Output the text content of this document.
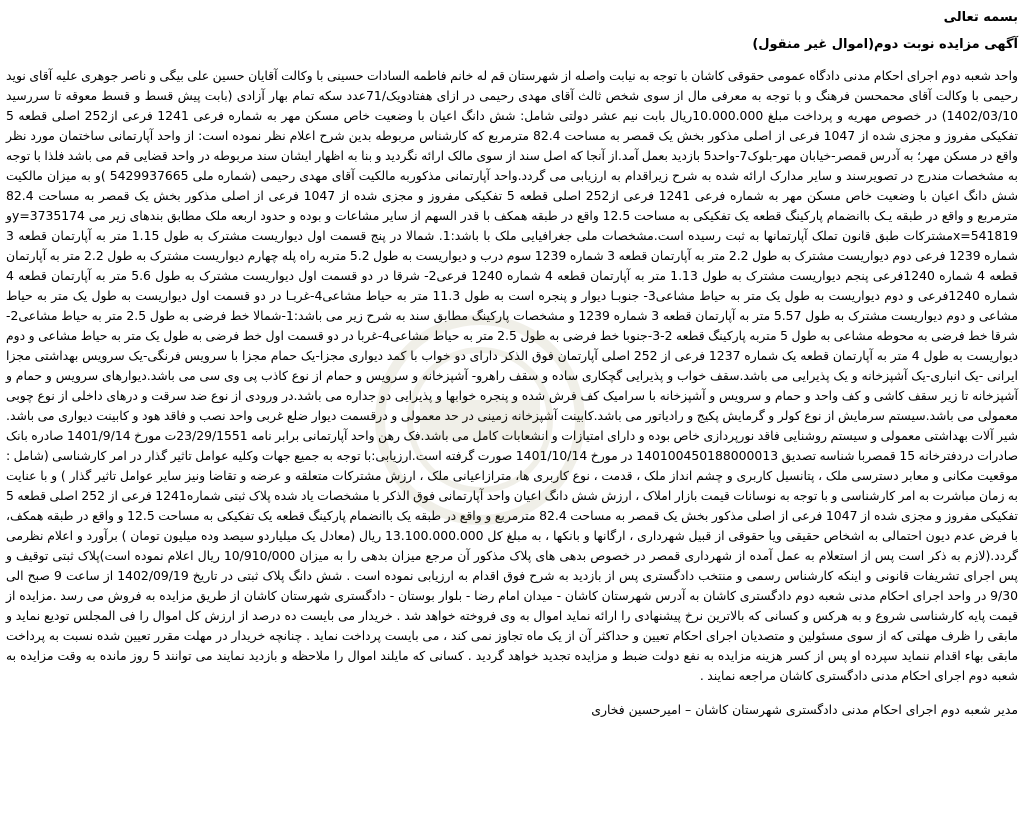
بسمه تعالی
آگهی مزایده نوبت دوم(اموال غیر منقول)

واحد شعبه دوم اجرای احکام مدنی دادگاه عمومی حقوقی کاشان با توجه به نیابت واصله از شهرستان قم له خانم فاطمه السادات حسینی با وکالت آقایان حسین علی بیگی و ناصر جوهری علیه آقای نوید رحیمی با وکالت آقای محمحسن فرهنگ و با توجه به معرفی مال از سوی شخص ثالث آقای مهدی رحیمی در ازای هفتادویک/71عدد سکه تمام بهار آزادی (بابت پیش قسط و قسط معوقه تا سررسید 1402/03/10) در خصوص مهریه و پرداخت مبلغ 10.000.000ریال بابت نیم عشر دولتی شامل: شش دانگ اعیان با وضعیت خاص مسکن مهر به شماره فرعی 1241 فرعی از252 اصلی قطعه 5 تفکیکی مفروز و مجزی شده از 1047 فرعی از اصلی مذکور بخش یک قمصر به مساحت 82.4 مترمربع که کارشناس مربوطه بدین شرح اعلام نظر نموده است: از واحد آپارتمانی ساختمان مورد نظر واقع در مسکن مهر؛ به آدرس قمصر-خیابان مهر-بلوک7-واحد5 بازدید بعمل آمد.از آنجا که اصل سند از سوی مالک ارائه نگردید و بنا به اظهار ایشان سند مربوطه در واحد قضایی قم می باشد فلذا با توجه به مشخصات مندرج در تصویرسند و سایر مدارک ارائه شده به شرح زیراقدام به ارزیابی می گردد.واحد آپارتمانی مذکوربه مالکیت آقای مهدی رحیمی (شماره ملی 5429937665 )و به میزان مالکیت شش دانگ اعیان با وضعیت خاص مسکن مهر به شماره فرعی 1241 فرعی از252 اصلی قطعه 5 تفکیکی مفروز و مجزی شده از 1047 فرعی از اصلی مذکور بخش یک قمصر به مساحت 82.4 مترمربع و واقع در طبقه یـک باانضمام پارکینگ قطعه یک تفکیکی به مساحت 12.5 واقع در طبقه همکف با قدر السهم از سایر مشاعات و بوده و حدود اربعه ملک مطابق بندهای زیر می 3735174=yو 541819=xمشترکات طبق قانون تملک آپارتمانها به ثبت رسیده است.مشخصات ملی جغرافیایی ملک با باشد:1. شمالا در پنج قسمت اول دیواریست مشترک به طول 1.15 متر به آپارتمان قطعه 3 شماره 1239 فرعی دوم دیواریست مشترک به طول 2.2 متر به آپارتمان قطعه 3 شماره 1239 سوم درب و دیواریست به طول 5.2 متربه راه پله چهارم دیواریست مشترک به طول 2.2 متر به آپارتمان قطعه 4 شماره 1240فرعی پنجم دیواریست مشترک به طول 1.13 متر به آپارتمان قطعه 4 شماره 1240 فرعی2- شرقا در دو قسمت اول دیواریست مشترک به طول 5.6 متر به آپارتمان قطعه 4 شماره 1240فرعی و دوم دیواریست به طول یک متر به حیاط مشاعی3- جنوبـا دیوار و پنجره است به طول 11.3 متر به حیاط مشاعی4-غربـا در دو قسمت اول دیواریست به طول یک متر به حیاط مشاعی و دوم دیواریست مشترک به طول 5.57 متر به آپارتمان قطعه 3 شماره 1239 و مشخصات پارکینگ مطابق سند به شرح زیر می باشد:1-شمالا خط فرضی به طول 2.5 متر به حیاط مشاعی2-شرقا خط فرضی به محوطه مشاعی به طول 5 متربه پارکینگ قطعه 2-3-جنوبا خط فرضی به طول 2.5 متر به حیاط مشاعی4-غربا در دو قسمت اول خط فرضی به طول یک متر به حیاط مشاعی و دوم دیواریست به طول 4 متر به آپارتمان قطعه یک شماره 1237 فرعی از 252 اصلی آپارتمان فوق الذکر دارای دو خواب با کمد دیواری مجزا-یک حمام مجزا با سرویس فرنگی-یک سرویس بهداشتی مجزا ایرانی -یک انباری-یک آشپزخانه و یک پذیرایی می باشد.سقف خواب و پذیرایی گچکاری ساده و سقف راهرو- آشپزخانه و سرویس و حمام از نوع کاذب پی وی سی می باشد.دیوارهای سرویس و حمام و آشپزخانه تا زیر سقف کاشی و کف واحد و حمام و سرویس و آشپزخانه با سرامیک کف فرش شده و پنجره خوابها و پذیرایی دو جداره می باشد.در ورودی از نوع ضد سرقت و درهای داخلی از نوع چوبی معمولی می باشد.سیستم سرمایش از نوع کولر و گرمایش پکیج و رادیاتور می باشد.کابینت آشپزخانه زمینی در حد معمولی و درقسمت دیوار ضلع غربی واحد نصب و فاقد هود و کابینت دیواری می باشد. شیر آلات بهداشتی معمولی و سیستم روشنایی فاقد نورپردازی خاص بوده و دارای امتیازات و انشعابات کامل می باشد.فک رهن واحد آپارتمانی برابر نامه 23/29/1551ت مورخ 1401/9/14 صادره بانک صادرات دردفترخانه 15 قمصربا شناسه تصدیق 140100450188000013 در مورخ 1401/10/14 صورت گرفته است.ارزیابی:با توجه به جمیع جهات وکلیه عوامل تاثیر گذار در امر کارشناسی (شامل : موقعیت مکانی و معابر دسترسی ملک ، پتانسیل کاربری و چشم انداز ملک ، قدمت ، نوع کاربری ها، مترازاعیانی ملک ، ارزش مشترکات متعلقه و عرضه و تقاضا ونیز سایر عوامل تاثیر گذار ) و با عنایت به زمان مباشرت به امر کارشناسی و با توجه به نوسانات قیمت بازار املاک ، ارزش شش دانگ اعیان واحد آپارتمانی فوق الذکر با مشخصات یاد شده پلاک ثبتی شماره1241 فرعی از 252 اصلی قطعه 5 تفکیکی مفروز و مجزی شده از 1047 فرعی از اصلی مذکور بخش یک قمصر به مساحت 82.4 مترمربع و واقع در طبقه یک باانضمام پارکینگ قطعه یک تفکیکی به مساحت 12.5 و واقع در طبقه همکف، با فرض عدم دیون احتمالی به اشخاص حقیقی ویا حقوقی از قبیل شهرداری ، ارگانها و بانکها ، به مبلغ کل 13.100.000.000 ریال (معادل یک میلیاردو سیصد وده میلیون تومان ) برآورد و اعلام نظرمی گردد.(لازم به ذکر است پس از استعلام به عمل آمده از شهرداری قمصر در خصوص بدهی های پلاک مذکور آن مرجع میزان بدهی را به میزان 10/910/000 ریال اعلام نموده است)پلاک ثبتی توقیف و پس اجرای تشریفات قانونی و اینکه کارشناس رسمی و منتخب دادگستری پس از بازدید به شرح فوق اقدام به ارزیابی نموده است . شش دانگ پلاک ثبتی در تاریخ 1402/09/19 از ساعت 9 صبح الی 9/30 در واحد اجرای احکام مدنی شعبه دوم دادگستری کاشان به آدرس شهرستان کاشان - میدان امام رضا - بلوار بوستان - دادگستری شهرستان کاشان از طریق مزایده به فروش می رسد .مزایده از قیمت پایه کارشناسی شروع و به هرکس و کسانی که بالاترین نرخ پیشنهادی را ارائه نماید اموال به وی فروخته خواهد شد . خریدار می بایست ده درصد از ارزش کل اموال را فی المجلس تودیع نماید و مابقی را ظرف مهلتی که از سوی مسئولین و متصدیان اجرای احکام تعیین و حداکثر آن از یک ماه تجاوز نمی کند ، می بایست پرداخت نماید . چنانچه خریدار در مهلت مقرر تعیین شده نسبت به پرداخت مابقی بهاء اقدام ننماید سپرده او پس از کسر هزینه مزایده به نفع دولت ضبط و مزایده تجدید خواهد گردید . کسانی که مایلند اموال را ملاحظه و بازدید نمایند می توانند 5 روز مانده به وقت مزایده به شعبه دوم اجرای احکام مدنی دادگستری کاشان مراجعه نمایند .

مدیر شعبه دوم اجرای احکام مدنی دادگستری شهرستان کاشان – امیرحسین فخاری
